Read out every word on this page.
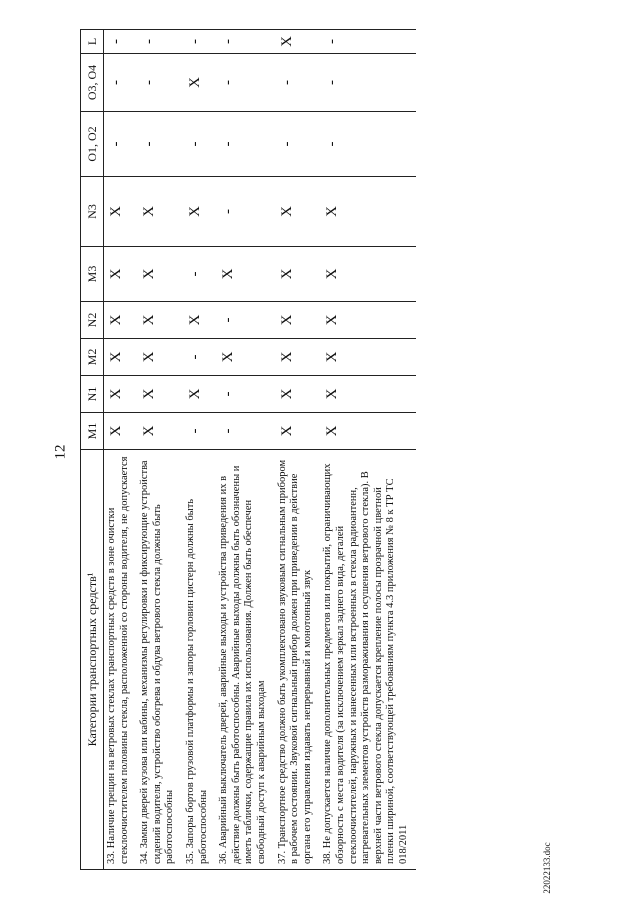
12
22022133.doc
Категории транспортных средств¹	M1	N1	M2	N2	M3	N3	O1, O2	O3, O4	L
33. Наличие трещин на ветровых стеклах транспортных средств в зоне очистки стеклоочистителем половины стекла, расположенной со стороны водителя, не допускается	X	X	X	X	X	X	-	-	-
34. Замки дверей кузова или кабины, механизмы регулировки и фиксирующие устройства сидений водителя, устройство обогрева и обдува ветрового стекла должны быть работоспособны	X	X	X	X	X	X	-	-	-
35. Запоры бортов грузовой платформы и запоры горловин цистерн должны быть работоспособны	-	X	-	X	-	X	-	X	-
36. Аварийный выключатель дверей, аварийные выходы и устройства приведения их в действие должны быть работоспособны. Аварийные выходы должны быть обозначены и иметь таблички, содержащие правила их использования. Должен быть обеспечен свободный доступ к аварийным выходам	-	-	X	-	X	-	-	-	-
37. Транспортное средство должно быть укомплектовано звуковым сигнальным прибором в рабочем состоянии. Звуковой сигнальный прибор должен при приведении в действие органа его управления издавать непрерывный и монотонный звук	X	X	X	X	X	X	-	-	X
38. Не допускается наличие дополнительных предметов или покрытий, ограничивающих обзорность с места водителя (за исключением зеркал заднего вида, деталей стеклоочистителей, наружных и нанесенных или встроенных в стекла радиоантенн, нагревательных элементов устройств размораживания и осушения ветрового стекла). В верхней части ветрового стекла допускается крепление полосы прозрачной цветной пленки шириной, соответствующей требованиям пункта 4.3 приложения № 8 к ТР ТС 018/2011	X	X	X	X	X	X	-	-	-
